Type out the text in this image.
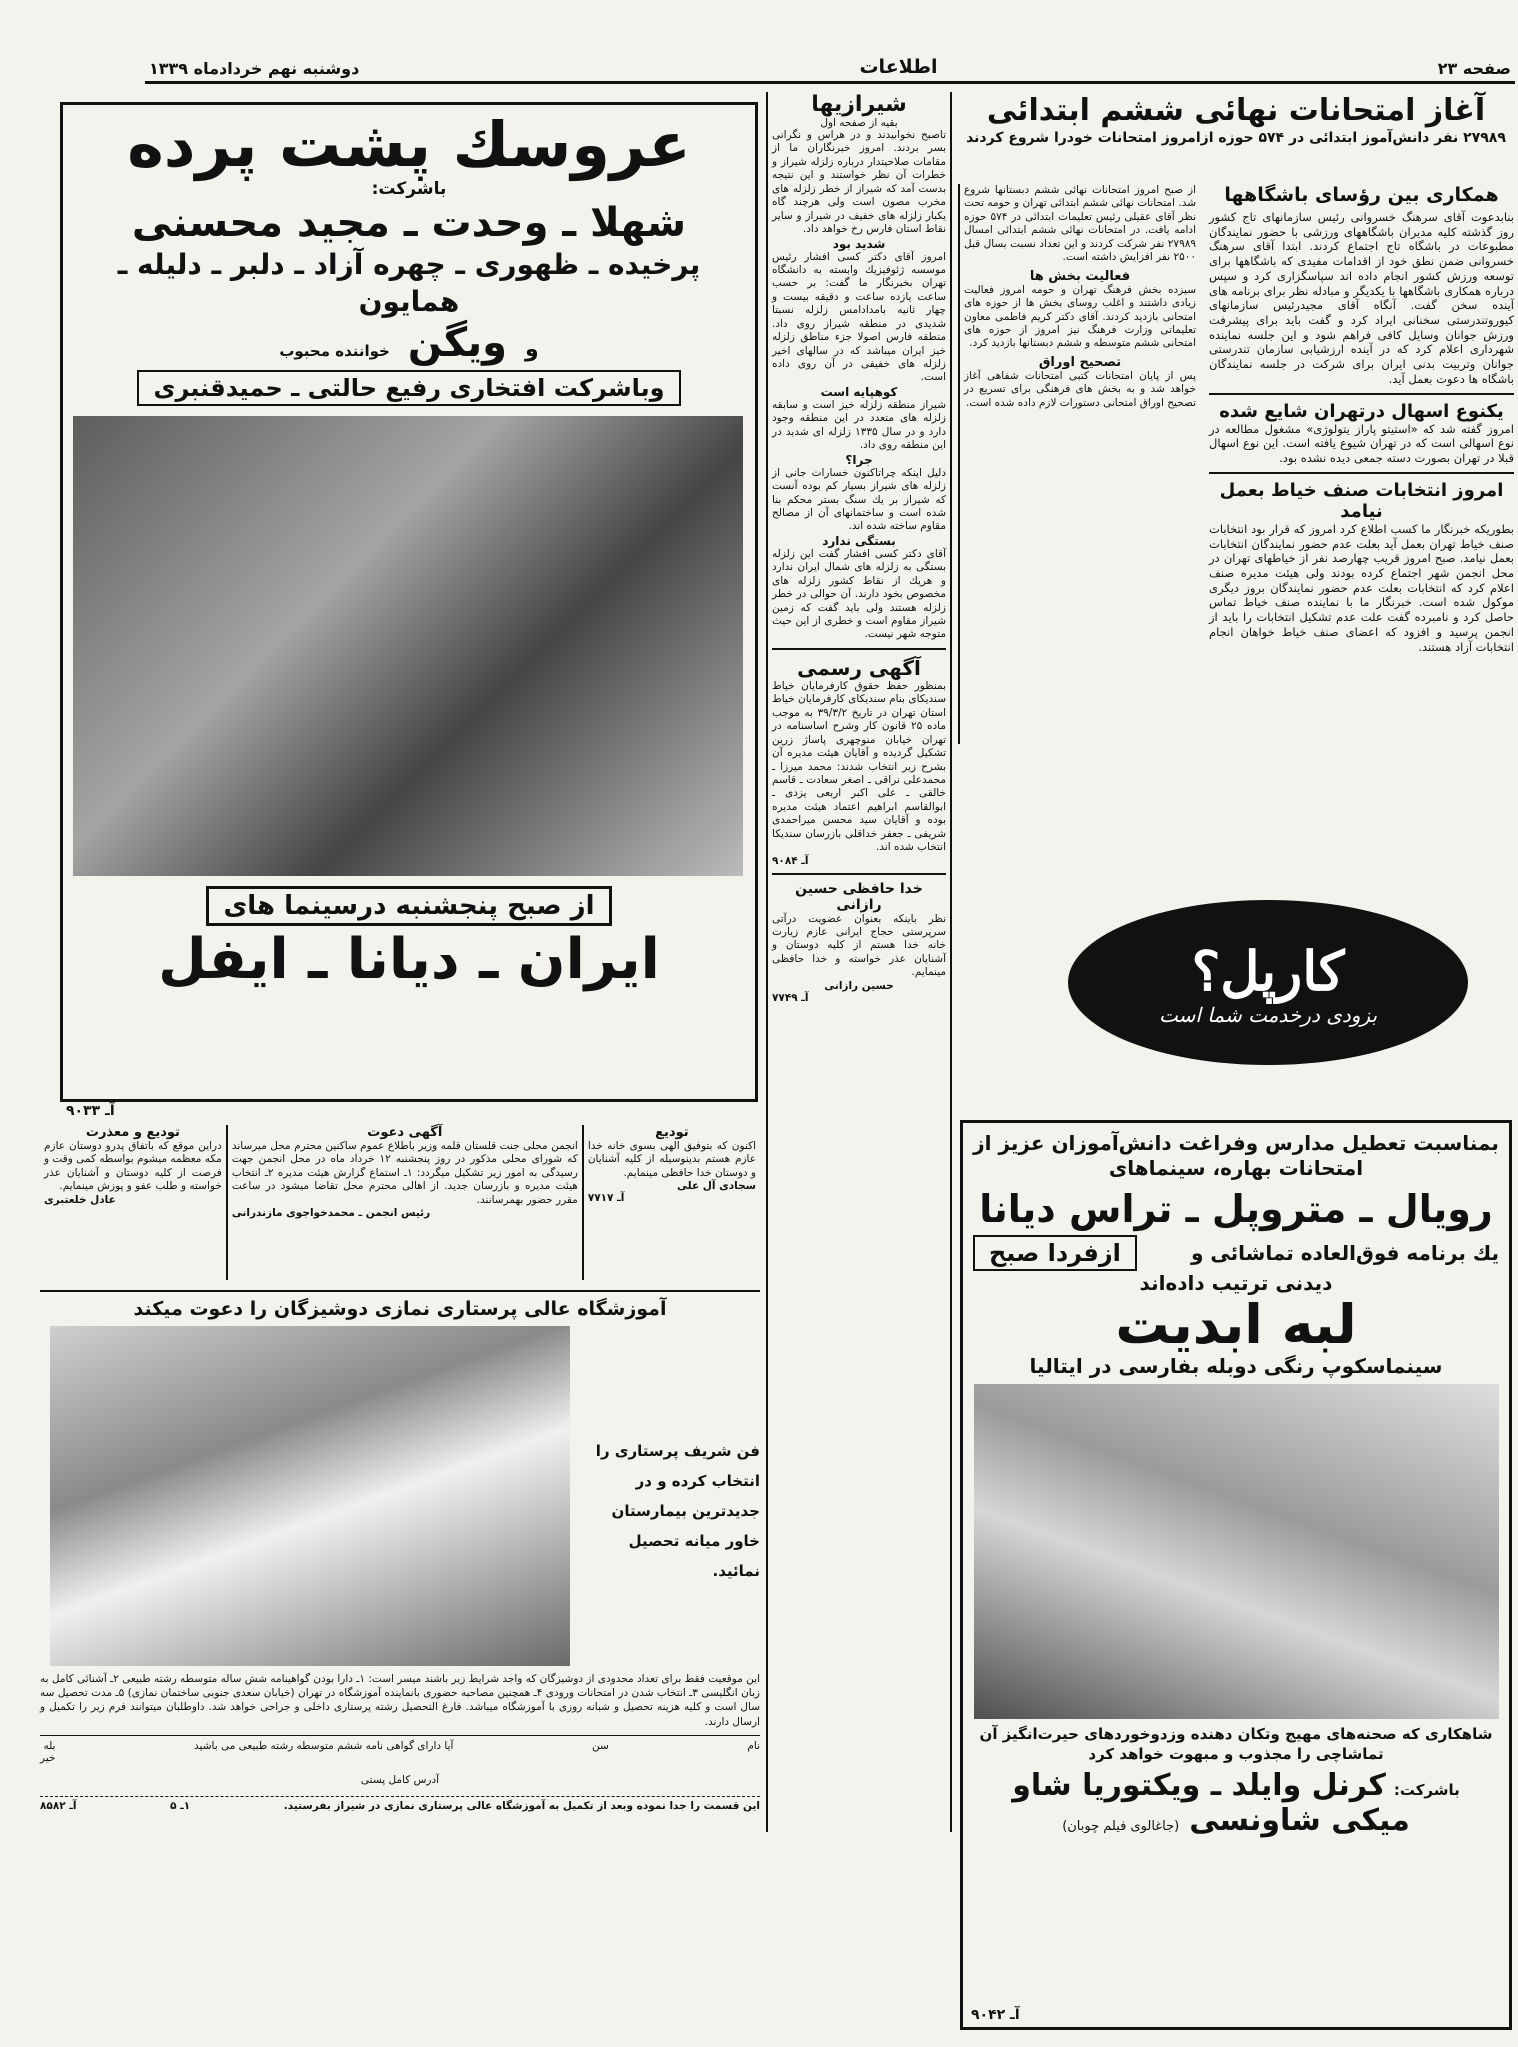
صفحه ۲۳
اطلاعات
دوشنبه نهم خردادماه ۱۳۳۹
آغاز امتحانات نهائی ششم ابتدائی
۲۷۹۸۹ نفر دانش‌آموز ابتدائی در ۵۷۴ حوزه ازامروز امتحانات خودرا شروع کردند
همکاری بین رؤسای باشگاهها
بنابدعوت آقای سرهنگ خسروانی رئیس سازمانهای تاج کشور روز گذشته کلیه مدیران باشگاههای ورزشی با حضور نمایندگان مطبوعات در باشگاه تاج اجتماع کردند. ابتدا آقای سرهنگ خسروانی ضمن نطق خود از اقدامات مفیدی که باشگاهها برای توسعه ورزش کشور انجام داده اند سپاسگزاری کرد و سپس درباره همکاری باشگاهها با یکدیگر و مبادله نظر برای برنامه های آینده سخن گفت. آنگاه آقای مجیدرئیس سازمانهای کیوروتندرستی سخنانی ایراد کرد و گفت باید برای پیشرفت ورزش جوانان وسایل کافی فراهم شود و این جلسه نماینده شهرداری اعلام کرد که در آینده ارزشیابی سازمان تندرستی جوانان وتربیت بدنی ایران برای شرکت در جلسه نمایندگان باشگاه ها دعوت بعمل آید.
یکنوع اسهال درتهران شایع شده
امروز گفته شد که «استیتو پاراز یتولوژی» مشغول مطالعه در نوع اسهالی است که در تهران شیوع یافته است. این نوع اسهال قبلا در تهران بصورت دسته جمعی دیده نشده بود.
امروز انتخابات صنف خیاط بعمل نیامد
بطوریکه خبرنگار ما کسب اطلاع کرد امروز که قرار بود انتخابات صنف خیاط تهران بعمل آید بعلت عدم حضور نمایندگان انتخابات بعمل نیامد. صبح امروز قریب چهارصد نفر از خیاطهای تهران در محل انجمن شهر اجتماع کرده بودند ولی هیئت مدیره صنف اعلام کرد که انتخابات بعلت عدم حضور نمایندگان بروز دیگری موکول شده است. خبرنگار ما با نماینده صنف خیاط تماس حاصل کرد و نامبرده گفت علت عدم تشکیل انتخابات را باید از انجمن پرسید و افزود که اعضای صنف خیاط خواهان انجام انتخابات آزاد هستند.
از صبح امروز امتحانات نهائی ششم دبستانها شروع شد. امتحانات نهائی ششم ابتدائی تهران و حومه تحت نظر آقای عقیلی رئیس تعلیمات ابتدائی در ۵۷۴ حوزه ادامه یافت. در امتحانات نهائی ششم ابتدائی امسال ۲۷۹۸۹ نفر شرکت کردند و این تعداد نسبت بسال قبل ۲۵۰۰ نفر افزایش داشته است.
فعالیت بخش ها
سیزده بخش فرهنگ تهران و حومه امروز فعالیت زیادی داشتند و اغلب روسای بخش ها از حوزه های امتحانی بازدید کردند. آقای دکتر کریم فاطمی معاون تعلیماتی وزارت فرهنگ نیز امروز از حوزه های امتحانی ششم متوسطه و ششم دبستانها بازدید کرد.
تصحیح اوراق
پس از پایان امتحانات کتبی امتحانات شفاهی آغاز خواهد شد و به بخش های فرهنگی برای تسریع در تصحیح اوراق امتحانی دستورات لازم داده شده است.
کارپل؟
بزودی درخدمت شما است
بمناسبت تعطیل مدارس وفراغت دانش‌آموزان عزیز از امتحانات بهاره، سینماهای
رویال ـ متروپل ـ تراس دیانا
یك برنامه فوق‌العاده تماشائی و
ازفردا صبح
دیدنی ترتیب داده‌اند
لبه ابدیت
سینماسکوپ رنگی دوبله بفارسی در ایتالیا
شاهکاری که صحنه‌های مهیج وتکان دهنده وزدوخوردهای حیرت‌انگیز آن تماشاچی را مجذوب و مبهوت خواهد کرد
باشرکت:
کرنل وایلد ـ ویکتوریا شاو
میکی شاونسی
(جاغالوی فیلم چوبان)
آ‍ـ ۹۰۴۲
شیرازیها
بقیه از صفحه اول
تاصبح نخوابیدند و در هراس و نگرانی بسر بردند. امروز خبرنگاران ما از مقامات صلاحیتدار درباره زلزله شیراز و خطرات آن نظر خواستند و این نتیجه بدست آمد که شیراز از خطر زلزله های مخرب مصون است ولی هرچند گاه یکبار زلزله های خفیف در شیراز و سایر نقاط استان فارس رخ خواهد داد.
شدید بود
امروز آقای دکتر کسی افشار رئیس موسسه ژئوفیزیك وابسته به دانشگاه تهران بخبرنگار ما گفت: بر حسب ساعت یازده ساعت و دقیقه بیست و چهار ثانیه بامدادامس زلزله نسبتا شدیدی در منطقه شیراز روی داد. منطقه فارس اصولا جزء مناطق زلزله خیز ایران میباشد که در سالهای اخیر زلزله های خفیفی در آن روی داده است.
کوهپایه است
شیراز منطقه زلزله خیز است و سابقه زلزله های متعدد در این منطقه وجود دارد و در سال ۱۳۳۵ زلزله ای شدید در این منطقه روی داد.
جرا؟
دلیل اینکه چراتاکنون خسارات جانی از زلزله های شیراز بسیار کم بوده آنست که شیراز بر یك سنگ بستر محکم بنا شده است و ساختمانهای آن از مصالح مقاوم ساخته شده اند.
بستگی ندارد
آقای دکتر کسی افشار گفت این زلزله بستگی به زلزله های شمال ایران ندارد و هریك از نقاط کشور زلزله های مخصوص بخود دارند. آن حوالی در خطر زلزله هستند ولی باید گفت که زمین شیراز مقاوم است و خطری از این حیث متوجه شهر نیست.
آگهی رسمی
بمنظور حفظ حقوق کارفرمایان خیاط سندیکای بنام سندیکای کارفرمایان خیاط استان تهران در تاریخ ۳۹/۳/۲ به موجب ماده ۲۵ قانون کار وشرح اساسنامه در تهران خیابان منوچهری پاساژ زرین تشکیل گردیده و آقایان هیئت مدیره آن بشرح زیر انتخاب شدند: محمد میرزا ـ محمدعلی نراقی ـ اصغر سعادت ـ قاسم خالقی ـ علی اکبر اربعی یزدی ـ ابوالقاسم ابراهیم اعتماد هیئت مدیره بوده و آقایان سید محسن میراحمدی شریفی ـ جعفر خداقلی بازرسان سندیکا انتخاب شده اند.
آ‍ـ ۹۰۸۴
خدا حافظی حسین رازانی
نظر باینکه بعنوان عضویت درآتی سرپرستی حجاج ایرانی عازم زیارت خانه خدا هستم از کلیه دوستان و آشنایان عذر خواسته و خدا حافظی مینمایم.
حسین رازانی
آ‍ـ ۷۷۴۹
عروسك پشت پرده
باشرکت:
شهلا ـ وحدت ـ مجید محسنی
پرخیده ـ ظهوری ـ چهره آزاد ـ دلبر ـ دلیله ـ همایون
و
ویگن
خواننده محبوب
وباشرکت افتخاری رفیع حالتی ـ حمیدقنبری
از صبح پنجشنبه درسینما های
ایران ـ دیانا ـ ایفل
آ‍ـ ۹۰۳۳
تودیع
اکنون که بتوفیق الهی بسوی خانه خدا عازم هستم بدینوسیله از کلیه آشنایان و دوستان خدا حافظی مینمایم.
سجادی آل علی
آ‍ـ ۷۷۱۷
آگهی دعوت
انجمن محلی جنت قلستان قلمه وزیر باطلاع عموم ساکنین محترم محل میرساند که شورای محلی مذکور در روز پنجشنبه ۱۲ خرداد ماه در محل انجمن جهت رسیدگی به امور زیر تشکیل میگردد: ۱ـ استماع گزارش هیئت مدیره ۲ـ انتخاب هیئت مدیره و بازرسان جدید. از اهالی محترم محل تقاضا میشود در ساعت مقرر حضور بهمرسانند.
رئیس انجمن ـ محمدخواجوی مازندرانی
تودیع و معذرت
دراین موقع که باتفاق پدرو دوستان عازم مکه معظمه میشوم بواسطه کمی وقت و فرصت از کلیه دوستان و آشنایان عذر خواسته و طلب عفو و پوزش مینمایم.
عادل خلعتبری
آموزشگاه عالی پرستاری نمازی دوشیزگان را دعوت میکند
فن شریف پرستاری را انتخاب کرده و در جدیدترین بیمارستان خاور میانه تحصیل نمائید.
این موقعیت فقط برای تعداد محدودی از دوشیزگان که واجد شرایط زیر باشند میسر است: ۱ـ دارا بودن گواهینامه شش ساله متوسطه رشته طبیعی ۲ـ آشنائی کامل به زبان انگلیسی ۳ـ انتخاب شدن در امتحانات ورودی ۴ـ همچنین مصاحبه حضوری بانماینده آموزشگاه در تهران (خیابان سعدی جنوبی ساختمان نمازی) ۵ـ مدت تحصیل سه سال است و کلیه هزینه تحصیل و شبانه روزی با آموزشگاه میباشد. فارغ التحصیل رشته پرستاری داخلی و جراحی خواهد شد. داوطلبان میتوانند فرم زیر را تکمیل و ارسال دارند.
نام
سن
آیا دارای گواهی نامه ششم متوسطه رشته طبیعی می باشید
بله
خیر
آدرس کامل پستی
این قسمت را جدا نموده وبعد از تکمیل به آموزشگاه عالی پرستاری نمازی در شیراز بفرستید.
۱ـ ۵
آ‍ـ ۸۵۸۲
